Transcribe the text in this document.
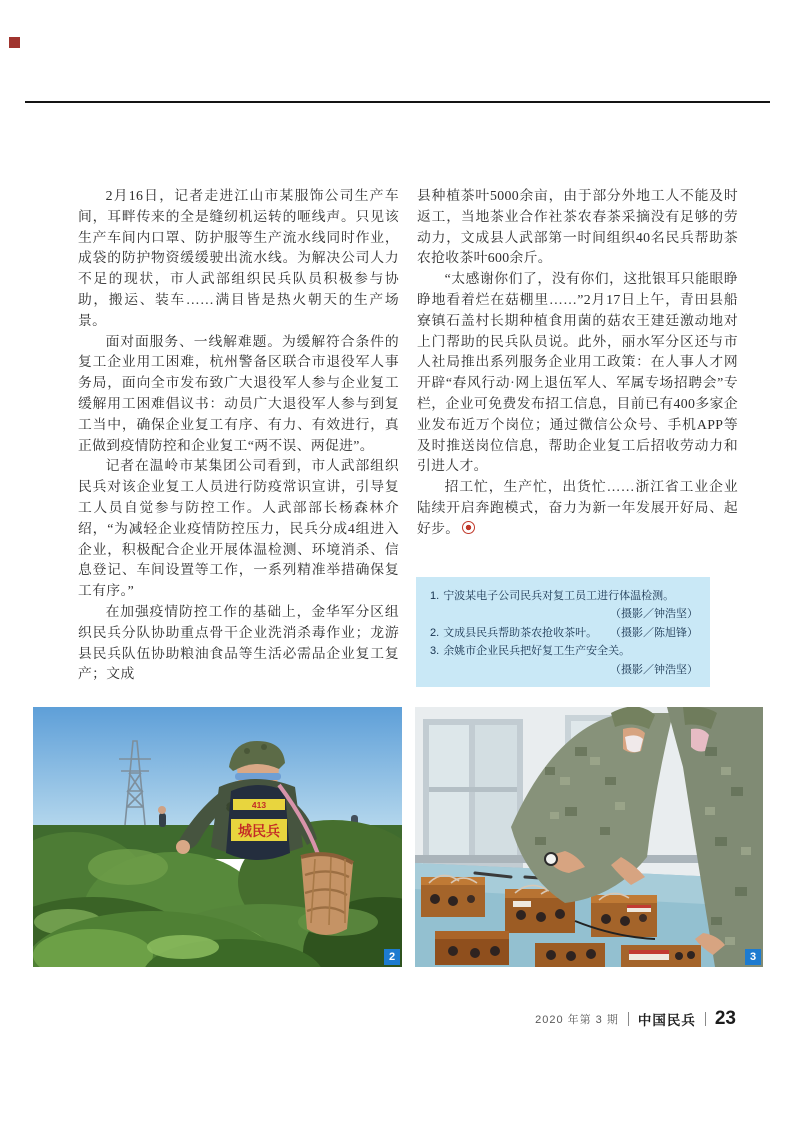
2月16日，记者走进江山市某服饰公司生产车间，耳畔传来的全是缝纫机运转的咂线声。只见该生产车间内口罩、防护服等生产流水线同时作业，成袋的防护物资缓缓驶出流水线。为解决公司人力不足的现状，市人武部组织民兵队员积极参与协助，搬运、装车……满目皆是热火朝天的生产场景。

面对面服务、一线解难题。为缓解符合条件的复工企业用工困难，杭州警备区联合市退役军人事务局，面向全市发布致广大退役军人参与企业复工缓解用工困难倡议书：动员广大退役军人参与到复工当中，确保企业复工有序、有力、有效进行，真正做到疫情防控和企业复工“两不误、两促进”。

记者在温岭市某集团公司看到，市人武部组织民兵对该企业复工人员进行防疫常识宣讲，引导复工人员自觉参与防控工作。人武部部长杨森林介绍，“为减轻企业疫情防控压力，民兵分成4组进入企业，积极配合企业开展体温检测、环境消杀、信息登记、车间设置等工作，一系列精准举措确保复工有序。”

在加强疫情防控工作的基础上，金华军分区组织民兵分队协助重点骨干企业洗消杀毒作业；龙游县民兵队伍协助粮油食品等生活必需品企业复工复产；文成

县种植茶叶5000余亩，由于部分外地工人不能及时返工，当地茶业合作社茶农春茶采摘没有足够的劳动力，文成县人武部第一时间组织40名民兵帮助茶农抢收茶叶600余斤。

“太感谢你们了，没有你们，这批银耳只能眼睁睁地看着烂在菇棚里……”2月17日上午，青田县船寮镇石盖村长期种植食用菌的菇农王建廷激动地对上门帮助的民兵队员说。此外，丽水军分区还与市人社局推出系列服务企业用工政策：在人事人才网开辟“春风行动·网上退伍军人、军属专场招聘会”专栏，企业可免费发布招工信息，目前已有400多家企业发布近万个岗位；通过微信公众号、手机APP等及时推送岗位信息，帮助企业复工后招收劳动力和引进人才。

招工忙，生产忙，出货忙……浙江省工业企业陆续开启奔跑模式，奋力为新一年发展开好局、起好步。

1. 宁波某电子公司民兵对复工员工进行体温检测。
（摄影／钟浩坚）
2. 文成县民兵帮助茶农抢收茶叶。 （摄影／陈旭锋）
3. 余姚市企业民兵把好复工生产安全关。
（摄影／钟浩坚）
413
城民兵
2	3
2020 年第 3 期 中国民兵 23
